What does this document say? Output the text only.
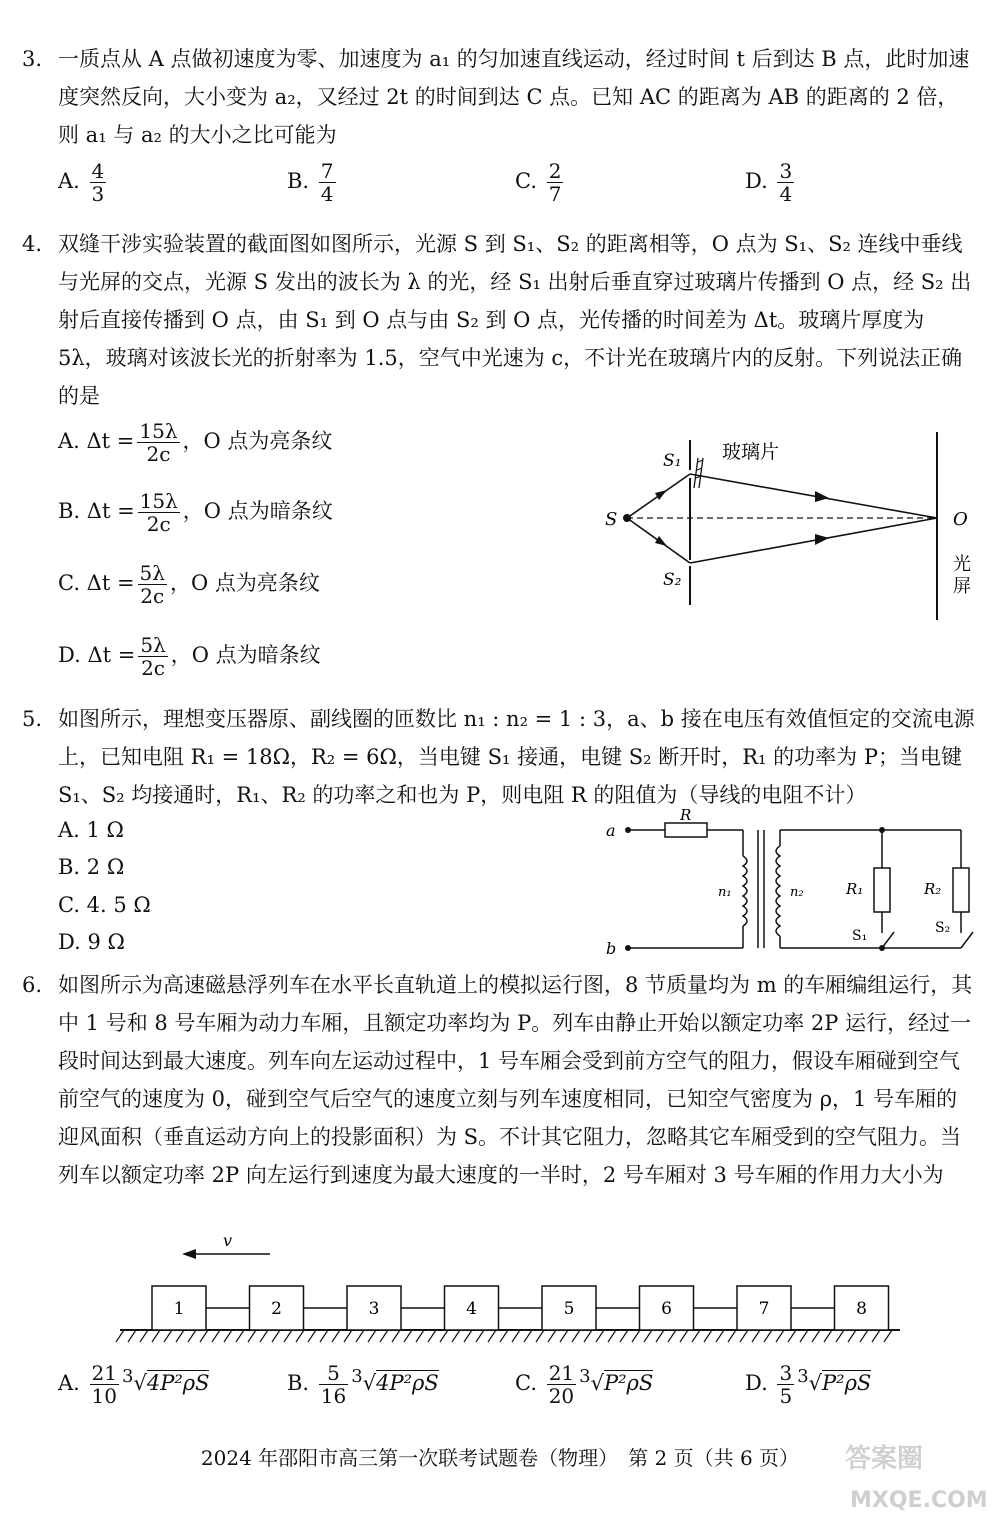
3. 一质点从 A 点做初速度为零、加速度为 a₁ 的匀加速直线运动，经过时间 t 后到达 B 点，此时加速度突然反向，大小变为 a₂，又经过 2t 的时间到达 C 点。已知 AC 的距离为 AB 的距离的 2 倍，则 a₁ 与 a₂ 的大小之比可能为
A. $\frac{4}{3}$	B. $\frac{7}{4}$	C. $\frac{2}{7}$	D. $\frac{3}{4}$
4. 双缝干涉实验装置的截面图如图所示，光源 S 到 S₁、S₂ 的距离相等，O 点为 S₁、S₂ 连线中垂线与光屏的交点，光源 S 发出的波长为 λ 的光，经 S₁ 出射后垂直穿过玻璃片传播到 O 点，经 S₂ 出射后直接传播到 O 点，由 S₁ 到 O 点与由 S₂ 到 O 点，光传播的时间差为 Δt。玻璃片厚度为 5λ，玻璃对该波长光的折射率为 1.5，空气中光速为 c，不计光在玻璃片内的反射。下列说法正确的是
A. $\Delta t = \frac{15\lambda}{2c}$ ，O 点为亮条纹
B. $\Delta t = \frac{15\lambda}{2c}$ ，O 点为暗条纹
C. $\Delta t = \frac{5\lambda}{2c}$ ，O 点为亮条纹
D. $\Delta t = \frac{5\lambda}{2c}$ ，O 点为暗条纹
玻璃片
S₁
S₂
S	O
光
屏
5. 如图所示，理想变压器原、副线圈的匝数比 n₁ : n₂ = 1 : 3，a、b 接在电压有效值恒定的交流电源上，已知电阻 R₁ = 18Ω，R₂ = 6Ω，当电键 S₁ 接通，电键 S₂ 断开时，R₁ 的功率为 P；当电键 S₁、S₂ 均接通时，R₁、R₂ 的功率之和也为 P，则电阻 R 的阻值为（导线的电阻不计）
A. 1 Ω
B. 2 Ω
C. 4. 5 Ω
D. 9 Ω
a
b
R
n₁	n₂	R₁
S₁
R₂
S₂
6. 如图所示为高速磁悬浮列车在水平长直轨道上的模拟运行图，8 节质量均为 m 的车厢编组运行，其中 1 号和 8 号车厢为动力车厢，且额定功率均为 P。列车由静止开始以额定功率 2P 运行，经过一段时间达到最大速度。列车向左运动过程中，1 号车厢会受到前方空气的阻力，假设车厢碰到空气前空气的速度为 0，碰到空气后空气的速度立刻与列车速度相同，已知空气密度为 ρ，1 号车厢的迎风面积（垂直运动方向上的投影面积）为 S。不计其它阻力，忽略其它车厢受到的空气阻力。当列车以额定功率 2P 向左运行到速度为最大速度的一半时，2 号车厢对 3 号车厢的作用力大小为
v
1	2	3	4	5	6	7	8
A. $\frac{21}{10} ^3√4P^2\rho S$	B. $\frac{5}{16} ^3√4P^2\rho S$	C. $\frac{21}{20} ^3√P^2\rho S$	D. $\frac{3}{5} ^3√P^2\rho S$
2024 年邵阳市高三第一次联考试题卷（物理）　第 2 页（共 6 页）	答案圈
MXQE.COM
